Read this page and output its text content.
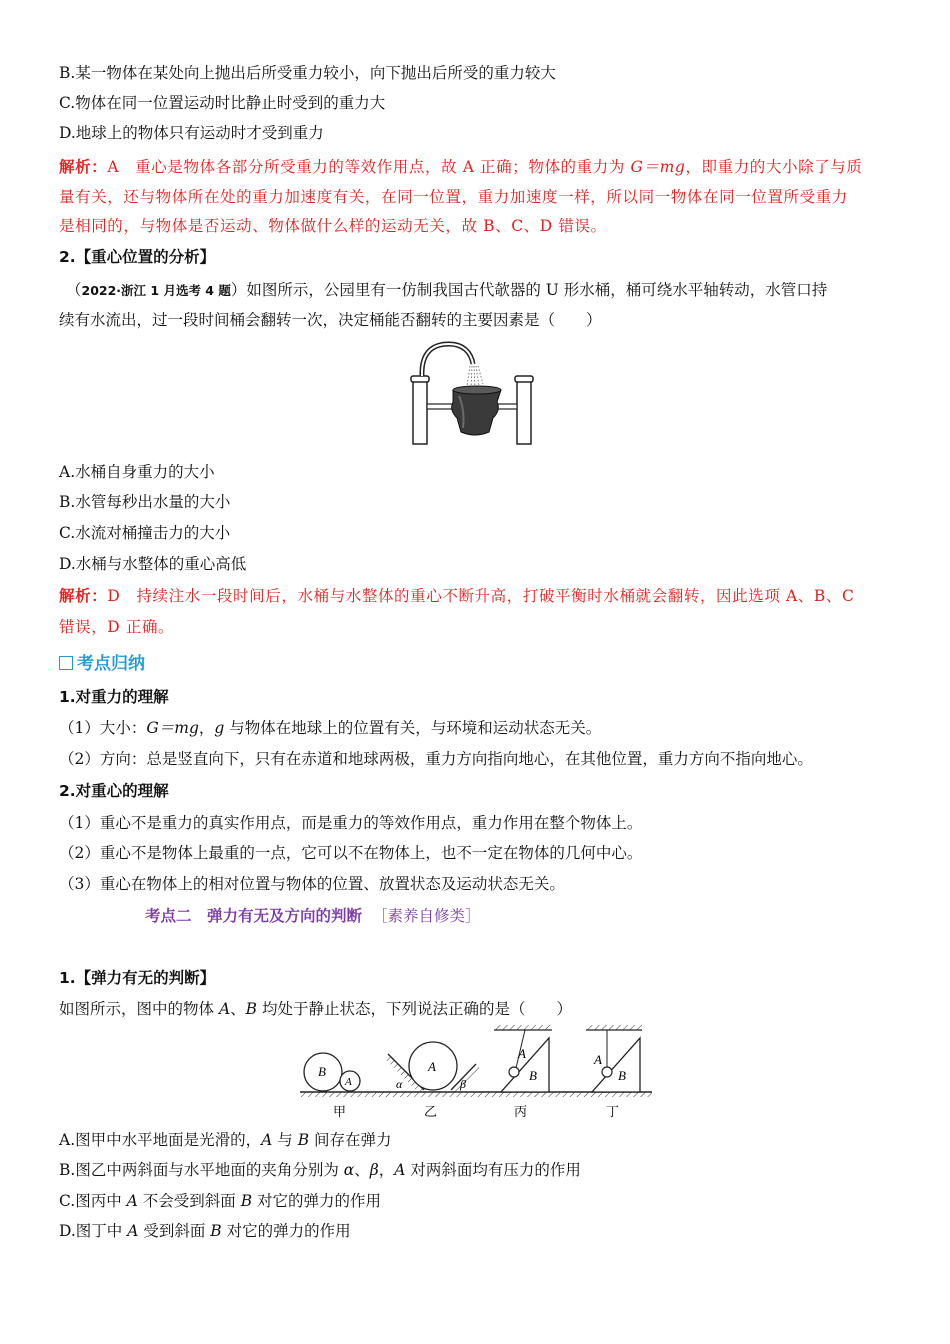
B.某一物体在某处向上抛出后所受重力较小，向下抛出后所受的重力较大
C.物体在同一位置运动时比静止时受到的重力大
D.地球上的物体只有运动时才受到重力
解析：A　重心是物体各部分所受重力的等效作用点，故 A 正确；物体的重力为 G＝mg，即重力的大小除了与质
量有关，还与物体所在处的重力加速度有关，在同一位置，重力加速度一样，所以同一物体在同一位置所受重力
是相同的，与物体是否运动、物体做什么样的运动无关，故 B、C、D 错误。
2.【重心位置的分析】
（2022·浙江 1 月选考 4 题）如图所示，公园里有一仿制我国古代欹器的 U 形水桶，桶可绕水平轴转动，水管口持
续有水流出，过一段时间桶会翻转一次，决定桶能否翻转的主要因素是（　　）
A.水桶自身重力的大小
B.水管每秒出水量的大小
C.水流对桶撞击力的大小
D.水桶与水整体的重心高低
解析：D　持续注水一段时间后，水桶与水整体的重心不断升高，打破平衡时水桶就会翻转，因此选项 A、B、C
错误，D 正确。
考点归纳
1.对重力的理解
（1）大小：G＝mg，g 与物体在地球上的位置有关，与环境和运动状态无关。
（2）方向：总是竖直向下，只有在赤道和地球两极，重力方向指向地心，在其他位置，重力方向不指向地心。
2.对重心的理解
（1）重心不是重力的真实作用点，而是重力的等效作用点，重力作用在整个物体上。
（2）重心不是物体上最重的一点，它可以不在物体上，也不一定在物体的几何中心。
（3）重心在物体上的相对位置与物体的位置、放置状态及运动状态无关。
考点二　弹力有无及方向的判断 ［素养自修类］
1.【弹力有无的判断】
如图所示，图中的物体 A、B 均处于静止状态，下列说法正确的是（　　）
B
A
甲
A
α	β
乙
A
B
丙
A
B
丁
A.图甲中水平地面是光滑的，A 与 B 间存在弹力
B.图乙中两斜面与水平地面的夹角分别为 α、β，A 对两斜面均有压力的作用
C.图丙中 A 不会受到斜面 B 对它的弹力的作用
D.图丁中 A 受到斜面 B 对它的弹力的作用
